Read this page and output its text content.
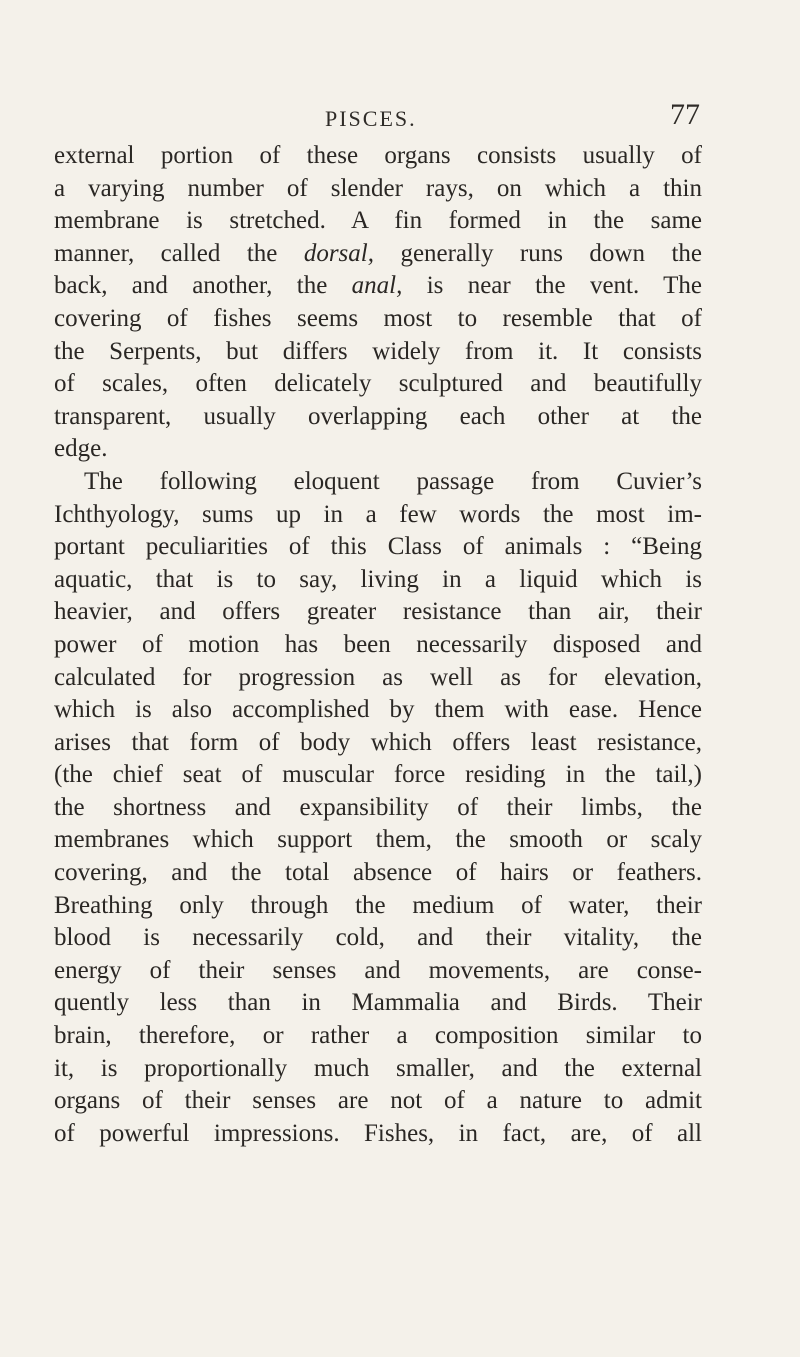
PISCES.	77
external portion of these organs consists usually of
a varying number of slender rays, on which a thin
membrane is stretched. A fin formed in the same
manner, called the dorsal, generally runs down the
back, and another, the anal, is near the vent. The
covering of fishes seems most to resemble that of
the Serpents, but differs widely from it. It consists
of scales, often delicately sculptured and beautifully
transparent, usually overlapping each other at the
edge.
The following eloquent passage from Cuvier’s
Ichthyology, sums up in a few words the most im-
portant peculiarities of this Class of animals : “Being
aquatic, that is to say, living in a liquid which is
heavier, and offers greater resistance than air, their
power of motion has been necessarily disposed and
calculated for progression as well as for elevation,
which is also accomplished by them with ease. Hence
arises that form of body which offers least resistance,
(the chief seat of muscular force residing in the tail,)
the shortness and expansibility of their limbs, the
membranes which support them, the smooth or scaly
covering, and the total absence of hairs or feathers.
Breathing only through the medium of water, their
blood is necessarily cold, and their vitality, the
energy of their senses and movements, are conse-
quently less than in Mammalia and Birds. Their
brain, therefore, or rather a composition similar to
it, is proportionally much smaller, and the external
organs of their senses are not of a nature to admit
of powerful impressions. Fishes, in fact, are, of all
